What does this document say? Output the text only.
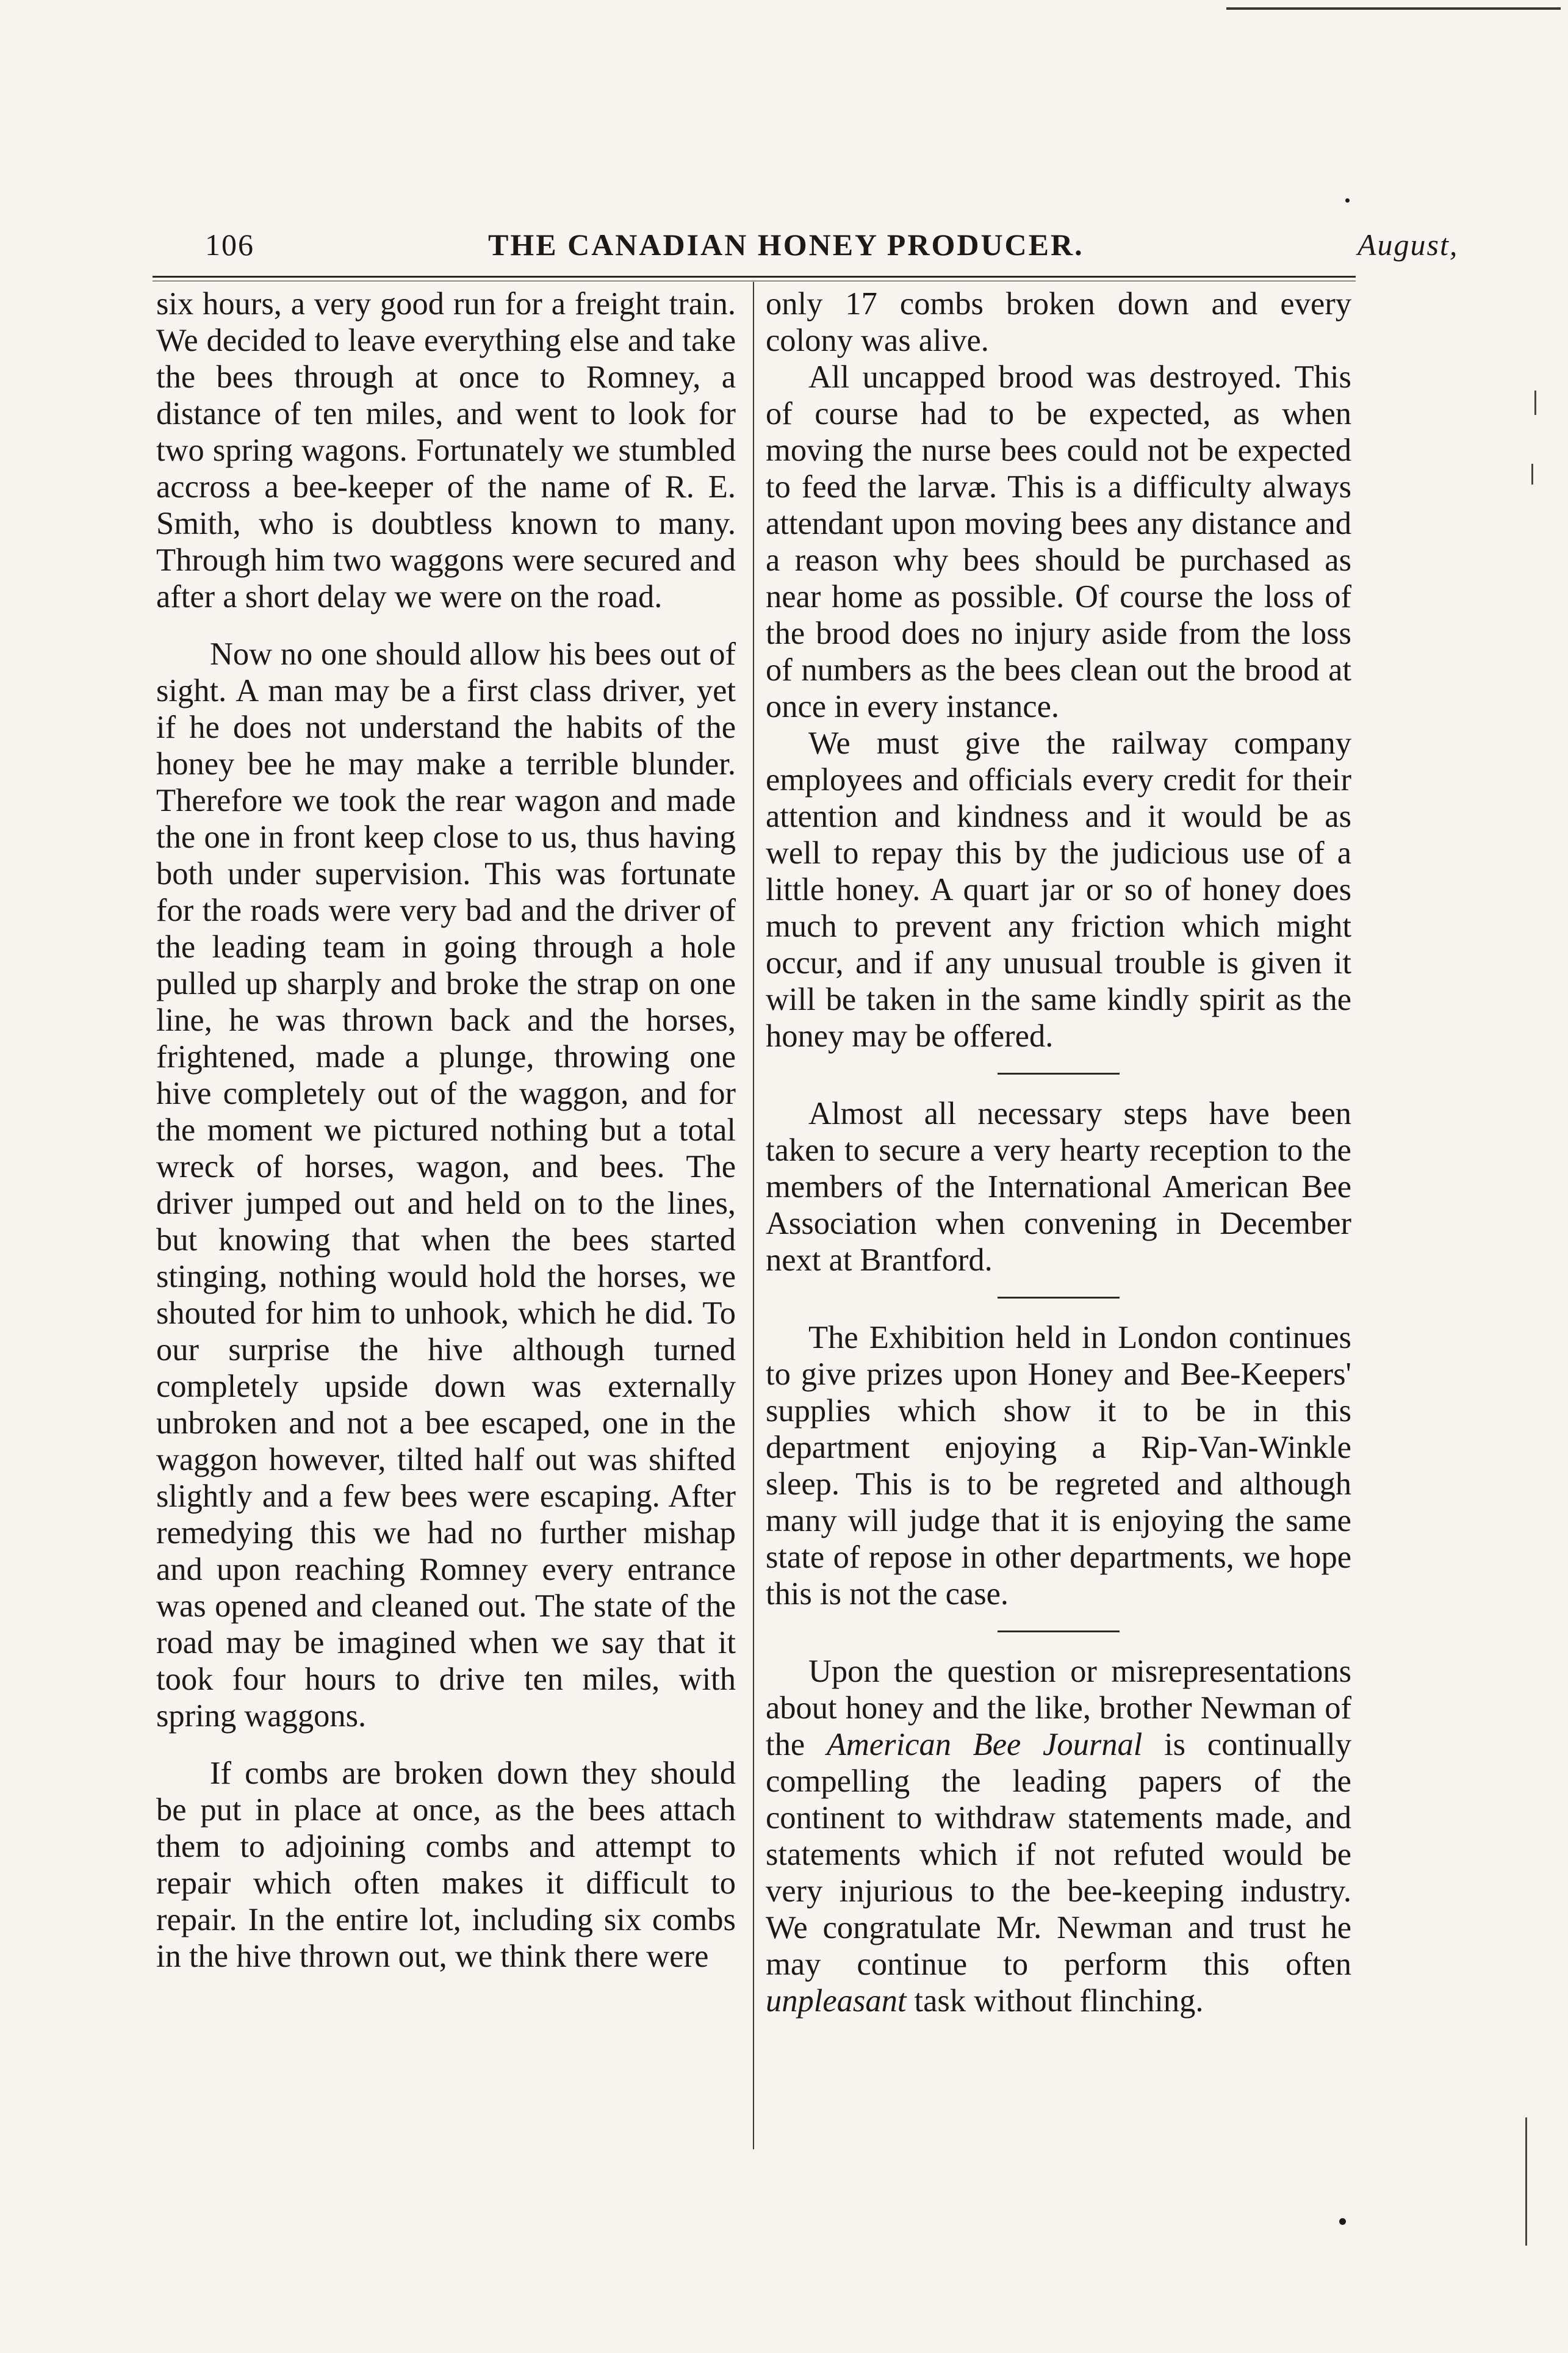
106	THE CANADIAN HONEY PRODUCER.	August,

six hours, a very good run for a freight train. We decided to leave everything else and take the bees through at once to Romney, a distance of ten miles, and went to look for two spring wagons. Fortunately we stumbled accross a bee-keeper of the name of R. E. Smith, who is doubtless known to many. Through him two waggons were secured and after a short delay we were on the road.

Now no one should allow his bees out of sight. A man may be a first class driver, yet if he does not understand the habits of the honey bee he may make a terrible blunder. Therefore we took the rear wagon and made the one in front keep close to us, thus having both under supervision. This was fortunate for the roads were very bad and the driver of the leading team in going through a hole pulled up sharply and broke the strap on one line, he was thrown back and the horses, frightened, made a plunge, throwing one hive completely out of the waggon, and for the moment we pictured nothing but a total wreck of horses, wagon, and bees. The driver jumped out and held on to the lines, but knowing that when the bees started stinging, nothing would hold the horses, we shouted for him to unhook, which he did. To our surprise the hive although turned completely upside down was externally unbroken and not a bee escaped, one in the waggon however, tilted half out was shifted slightly and a few bees were escaping. After remedying this we had no further mishap and upon reaching Romney every entrance was opened and cleaned out. The state of the road may be imagined when we say that it took four hours to drive ten miles, with spring waggons.

If combs are broken down they should be put in place at once, as the bees attach them to adjoining combs and attempt to repair which often makes it difficult to repair. In the entire lot, including six combs in the hive thrown out, we think there were

only 17 combs broken down and every colony was alive.

All uncapped brood was destroyed. This of course had to be expected, as when moving the nurse bees could not be expected to feed the larvæ. This is a difficulty always attendant upon moving bees any distance and a reason why bees should be purchased as near home as possible. Of course the loss of the brood does no injury aside from the loss of numbers as the bees clean out the brood at once in every instance.

We must give the railway company employees and officials every credit for their attention and kindness and it would be as well to repay this by the judicious use of a little honey. A quart jar or so of honey does much to prevent any friction which might occur, and if any unusual trouble is given it will be taken in the same kindly spirit as the honey may be offered.

Almost all necessary steps have been taken to secure a very hearty reception to the members of the International American Bee Association when convening in December next at Brantford.

The Exhibition held in London continues to give prizes upon Honey and Bee-Keepers' supplies which show it to be in this department enjoying a Rip-Van-Winkle sleep. This is to be regreted and although many will judge that it is enjoying the same state of repose in other departments, we hope this is not the case.

Upon the question or misrepresentations about honey and the like, brother Newman of the American Bee Journal is continually compelling the leading papers of the continent to withdraw statements made, and statements which if not refuted would be very injurious to the bee-keeping industry. We congratulate Mr. Newman and trust he may continue to perform this often unpleasant task without flinching.
